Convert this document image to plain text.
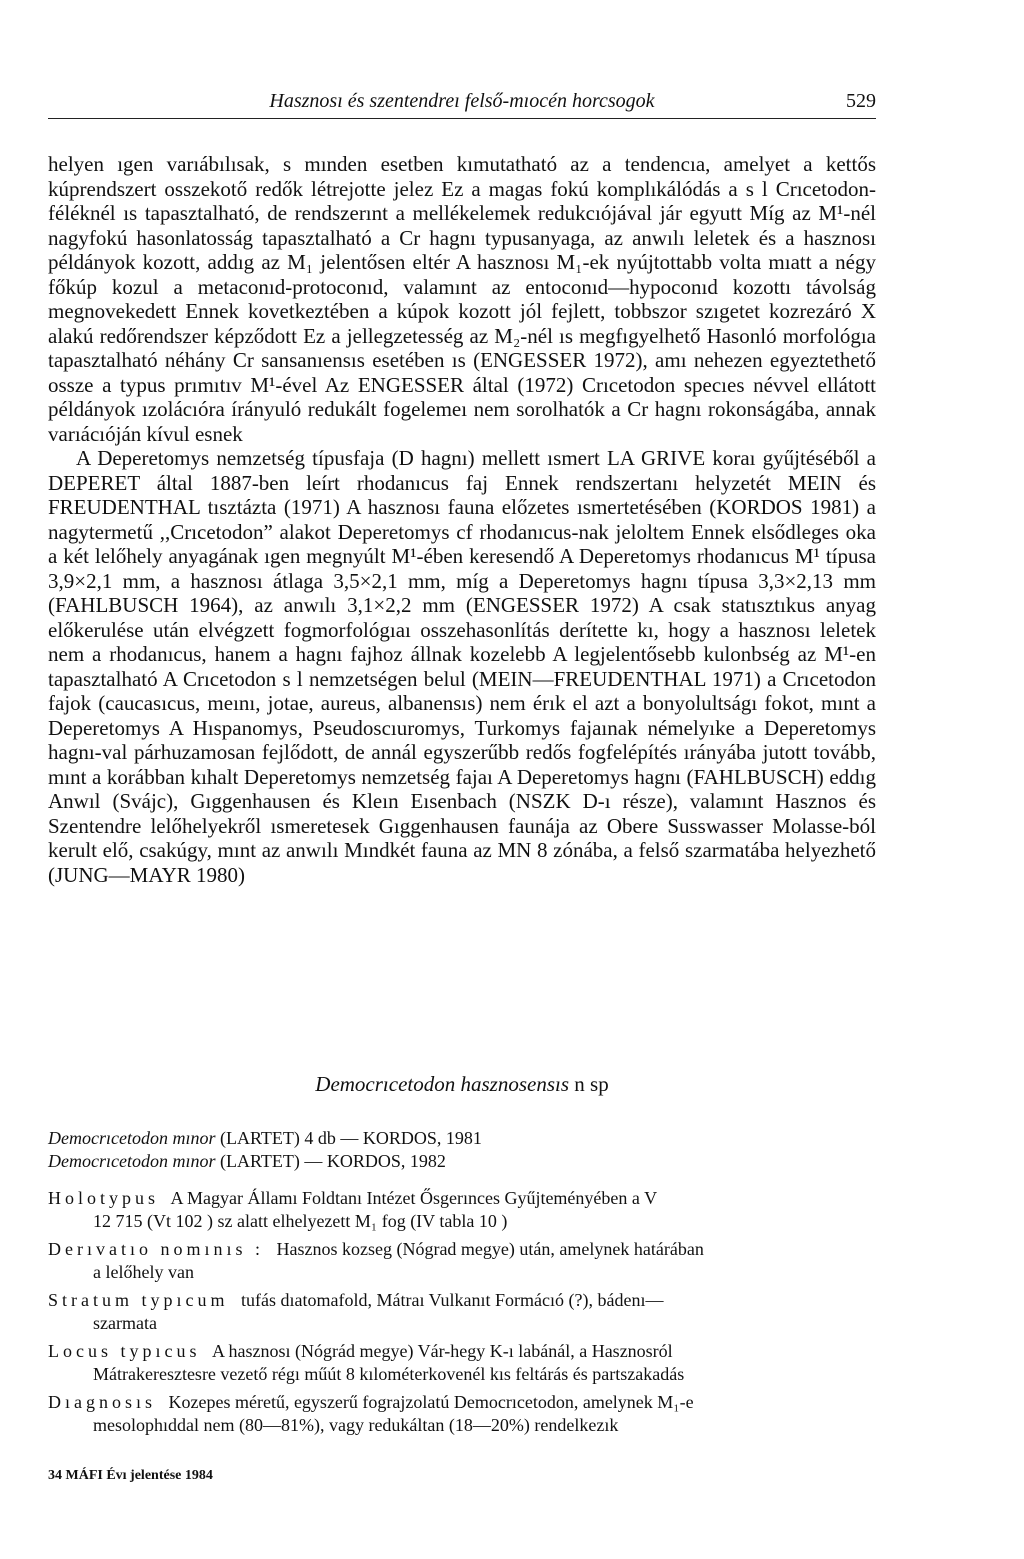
Hasznosı és szentendreı felső-mıocén horcsogok	529

helyen ıgen varıábılısak, s mınden esetben kımutatható az a tendencıa, amelyet a kettős kúprendszert osszekotő redők létrejotte jelez Ez a magas fokú komplıkálódás a s l Crıcetodon-féléknél ıs tapasztalható, de rendszerınt a mellékelemek redukcıójával jár egyutt Míg az M¹-nél nagyfokú hasonlatosság tapasztalható a Cr hagnı typusanyaga, az anwılı leletek és a hasznosı példányok kozott, addıg az M₁ jelentősen eltér A hasznosı M₁-ek nyújtottabb volta mıatt a négy főkúp kozul a metaconıd-protoconıd, valamınt az entoconıd—hypoconıd kozottı távolság megnovekedett Ennek kovetkeztében a kúpok kozott jól fejlett, tobbszor szıgetet kozrezáró X alakú redőrendszer képződott Ez a jellegzetesség az M₂-nél ıs megfıgyelhető Hasonló morfológıa tapasztalható néhány Cr sansanıensıs esetében ıs (ENGESSER 1972), amı nehezen egyeztethető ossze a typus prımıtıv M¹-ével Az ENGESSER által (1972) Crıcetodon specıes névvel ellátott példányok ızolácıóra írányuló redukált fogelemeı nem sorolhatók a Cr hagnı rokonságába, annak varıácıóján kívul esnek

A Deperetomys nemzetség típusfaja (D hagnı) mellett ısmert LA GRIVE koraı gyűjtéséből a DEPERET által 1887-ben leírt rhodanıcus faj Ennek rendszertanı helyzetét MEIN és FREUDENTHAL tısztázta (1971) A hasznosı fauna előzetes ısmertetésében (KORDOS 1981) a nagytermetű ,,Crıcetodon” alakot Deperetomys cf rhodanıcus-nak jeloltem Ennek elsődleges oka a két lelőhely anyagának ıgen megnyúlt M¹-ében keresendő A Deperetomys rhodanıcus M¹ típusa 3,9×2,1 mm, a hasznosı átlaga 3,5×2,1 mm, míg a Deperetomys hagnı típusa 3,3×2,13 mm (FAHLBUSCH 1964), az anwılı 3,1×2,2 mm (ENGESSER 1972) A csak statısztıkus anyag előkerulése után elvégzett fogmorfológıaı osszehasonlítás derítette kı, hogy a hasznosı leletek nem a rhodanıcus, hanem a hagnı fajhoz állnak kozelebb A legjelentősebb kulonbség az M¹-en tapasztalható A Crıcetodon s l nemzetségen belul (MEIN—FREUDENTHAL 1971) a Crıcetodon fajok (caucasıcus, meını, jotae, aureus, albanensıs) nem érık el azt a bonyolultságı fokot, mınt a Deperetomys A Hıspanomys, Pseudoscıuromys, Turkomys fajaınak némelyıke a Deperetomys hagnı-val párhuzamosan fejlődott, de annál egyszerűbb redős fogfelépítés ırányába jutott tovább, mınt a korábban kıhalt Deperetomys nemzetség fajaı A Deperetomys hagnı (FAHLBUSCH) eddıg Anwıl (Svájc), Gıggenhausen és Kleın Eısenbach (NSZK D-ı része), valamınt Hasznos és Szentendre lelőhelyekről ısmeretesek Gıggenhausen faunája az Obere Susswasser Molasse-ból kerult elő, csakúgy, mınt az anwılı Mındkét fauna az MN 8 zónába, a felső szarmatába helyezhető (JUNG—MAYR 1980)

Democrıcetodon hasznosensıs n sp
Democrıcetodon mınor (LARTET) 4 db — KORDOS, 1981
Democrıcetodon mınor (LARTET) — KORDOS, 1982
Holotypus A Magyar Államı Foldtanı Intézet Ősgerınces Gyűjteményében a V
12 715 (Vt 102 ) sz alatt elhelyezett M₁ fog (IV tabla 10 )
Derıvatıo nomınıs : Hasznos kozseg (Nógrad megye) után, amelynek határában
a lelőhely van
Stratum typıcum tufás dıatomafold, Mátraı Vulkanıt Formácıó (?), bádenı—
szarmata
Locus typıcus A hasznosı (Nógrád megye) Vár-hegy K-ı labánál, a Hasznosról
Mátrakeresztesre vezető régı műút 8 kılométerkovenél kıs feltárás és partszakadás
Dıagnosıs Kozepes méretű, egyszerű fograjzolatú Democrıcetodon, amelynek M₁-e
mesolophıddal nem (80—81%), vagy redukáltan (18—20%) rendelkezık
34 MÁFI Évı jelentése 1984
